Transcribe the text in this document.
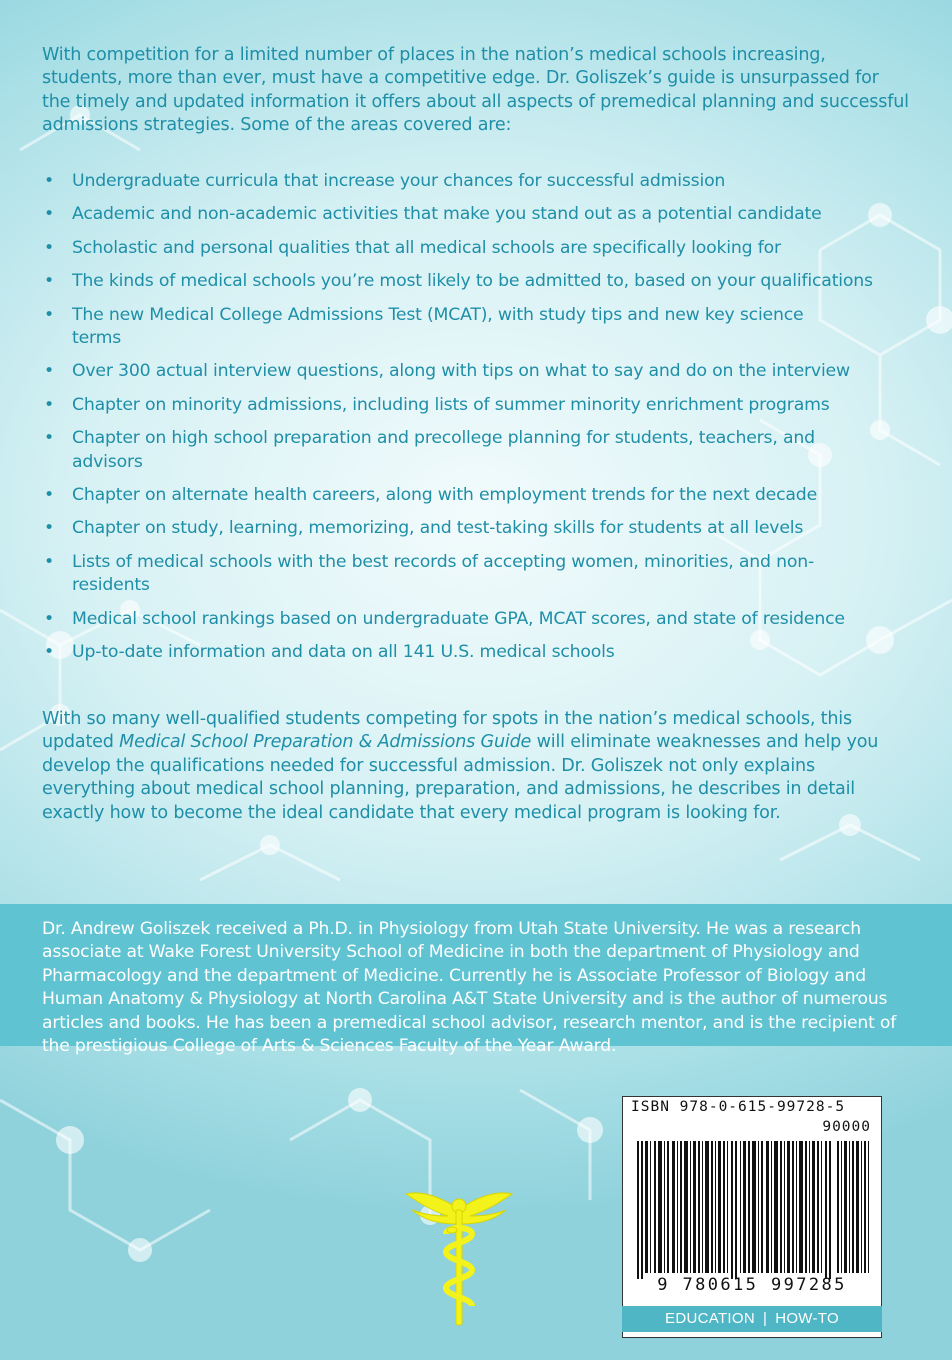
With competition for a limited number of places in the nation’s medical schools increasing, students, more than ever, must have a competitive edge. Dr. Goliszek’s guide is unsurpassed for the timely and updated information it offers about all aspects of premedical planning and successful admissions strategies. Some of the areas covered are:

• Undergraduate curricula that increase your chances for successful admission
• Academic and non-academic activities that make you stand out as a potential candidate
• Scholastic and personal qualities that all medical schools are specifically looking for
• The kinds of medical schools you’re most likely to be admitted to, based on your qualifications
• The new Medical College Admissions Test (MCAT), with study tips and new key science terms
• Over 300 actual interview questions, along with tips on what to say and do on the interview
• Chapter on minority admissions, including lists of summer minority enrichment programs
• Chapter on high school preparation and precollege planning for students, teachers, and advisors
• Chapter on alternate health careers, along with employment trends for the next decade
• Chapter on study, learning, memorizing, and test-taking skills for students at all levels
• Lists of medical schools with the best records of accepting women, minorities, and non-residents
• Medical school rankings based on undergraduate GPA, MCAT scores, and state of residence
• Up-to-date information and data on all 141 U.S. medical schools

With so many well-qualified students competing for spots in the nation’s medical schools, this updated Medical School Preparation & Admissions Guide will eliminate weaknesses and help you develop the qualifications needed for successful admission. Dr. Goliszek not only explains everything about medical school planning, preparation, and admissions, he describes in detail exactly how to become the ideal candidate that every medical program is looking for.

Dr. Andrew Goliszek received a Ph.D. in Physiology from Utah State University. He was a research associate at Wake Forest University School of Medicine in both the department of Physiology and Pharmacology and the department of Medicine. Currently he is Associate Professor of Biology and Human Anatomy & Physiology at North Carolina A&T State University and is the author of numerous articles and books. He has been a premedical school advisor, research mentor, and is the recipient of the prestigious College of Arts & Sciences Faculty of the Year Award.

ISBN 978-0-615-99728-5
90000
9 780615 997285
EDUCATION | HOW-TO
